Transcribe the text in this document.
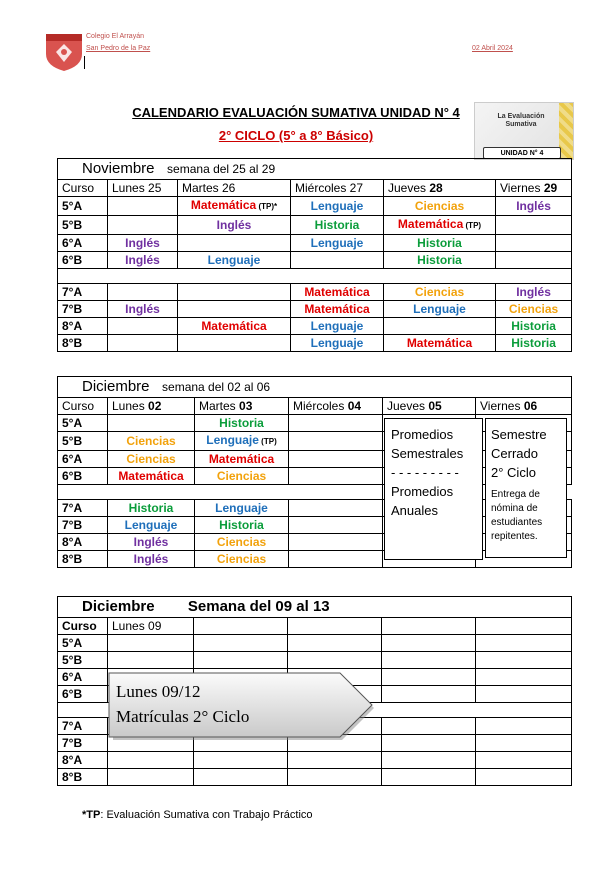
Colegio El Arrayán
San Pedro de la Paz	02 Abril 2024
CALENDARIO EVALUACIÓN SUMATIVA UNIDAD N° 4
2° CICLO (5° a 8° Básico)
La Evaluación
Sumativa
UNIDAD N° 4
Noviembre semana del 25 al 29					
Curso	Lunes 25	Martes 26	Miércoles 27	Jueves 28	Viernes 29
5°A		Matemática (TP)*	Lenguaje	Ciencias	Inglés
5°B		Inglés	Historia	Matemática (TP)	
6°A	Inglés		Lenguaje	Historia	
6°B	Inglés	Lenguaje		Historia	

7°A			Matemática	Ciencias	Inglés
7°B	Inglés		Matemática	Lenguaje	Ciencias
8°A		Matemática	Lenguaje		Historia
8°B			Lenguaje	Matemática	Historia
Diciembre semana del 02 al 06					
Curso	Lunes 02	Martes 03	Miércoles 04	Jueves 05	Viernes 06
5°A		Historia			
5°B	Ciencias	Lenguaje (TP)			
6°A	Ciencias	Matemática			
6°B	Matemática	Ciencias			

7°A	Historia	Lenguaje			
7°B	Lenguaje	Historia			
8°A	Inglés	Ciencias			
8°B	Inglés	Ciencias			
Promedios
Semestrales
- - - - - - - - -
Promedios
Anuales
Semestre
Cerrado
2° Ciclo
Entrega de nómina de estudiantes repitentes.
Diciembre Semana del 09 al 13					
Curso	Lunes 09				
5°A					
5°B					
6°A					
6°B					

7°A					
7°B					
8°A					
8°B					
Lunes 09/12
Matrículas 2° Ciclo
*TP: Evaluación Sumativa con Trabajo Práctico
